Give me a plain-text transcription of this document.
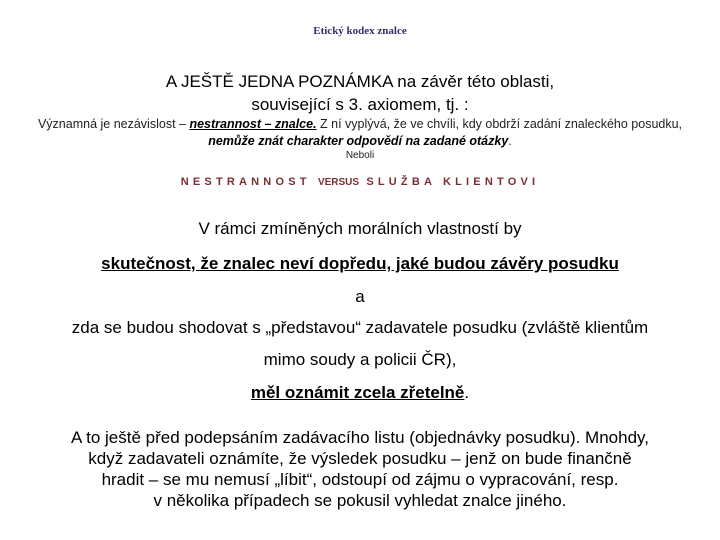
Etický kodex znalce

A JEŠTĚ JEDNA POZNÁMKA na závěr této oblasti,

související s 3. axiomem, tj. :

Významná je nezávislost – nestrannost – znalce. Z ní vyplývá, že ve chvíli, kdy obdrží zadání znaleckého posudku, nemůže znát charakter odpovědí na zadané otázky.
Neboli
NESTRANNOST VERSUS SLUŽBA KLIENTOVI
V rámci zmíněných morálních vlastností by
skutečnost, že znalec neví dopředu, jaké budou závěry posudku
a
zda se budou shodovat s „představou“ zadavatele posudku (zvláště klientům
mimo soudy a policii ČR),
měl oznámit zcela zřetelně.

A to ještě před podepsáním zadávacího listu (objednávky posudku). Mnohdy,

když zadavateli oznámíte, že výsledek posudku – jenž on bude finančně

hradit – se mu nemusí „líbit“, odstoupí od zájmu o vypracování, resp.

v několika případech se pokusil vyhledat znalce jiného.
